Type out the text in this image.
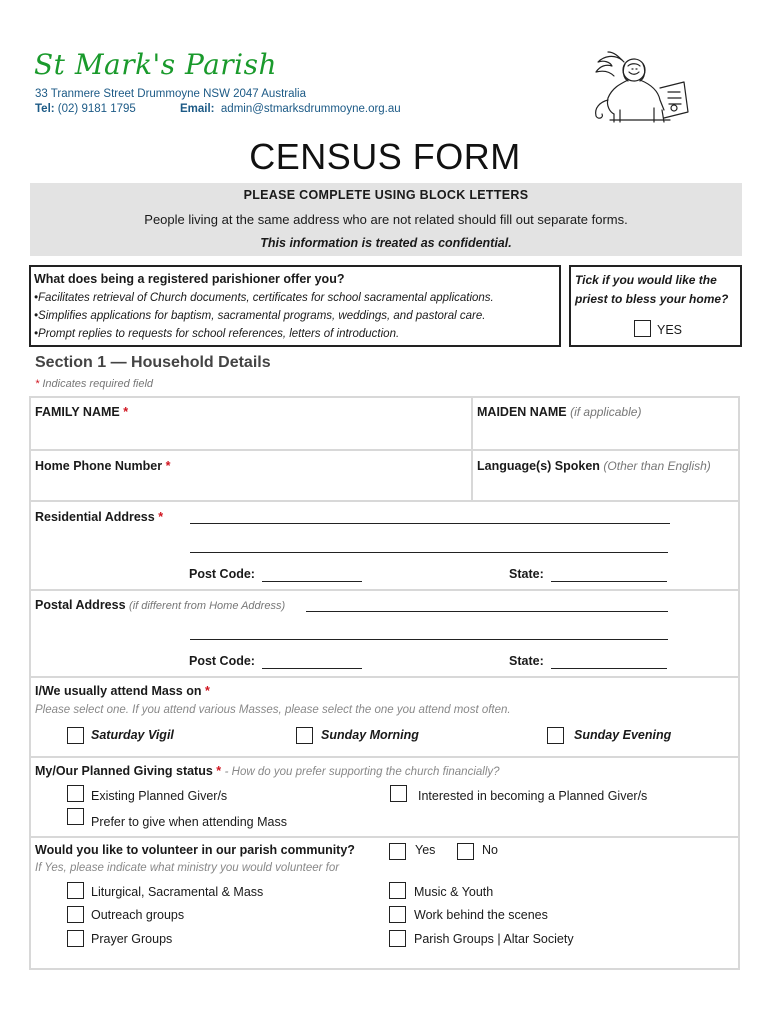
St Mark's Parish
33 Tranmere Street Drummoyne NSW 2047 Australia
Tel: (02) 9181 1795	Email: admin@stmarksdrummoyne.org.au
CENSUS FORM
PLEASE COMPLETE USING BLOCK LETTERS
People living at the same address who are not related should fill out separate forms.
This information is treated as confidential.
What does being a registered parishioner offer you?
•Facilitates retrieval of Church documents, certificates for school sacramental applications.
•Simplifies applications for baptism, sacramental programs, weddings, and pastoral care.
•Prompt replies to requests for school references, letters of introduction.
Tick if you would like the
priest to bless your home?
YES
Section 1 — Household Details
* Indicates required field
FAMILY NAME *	MAIDEN NAME (if applicable)
Home Phone Number *	Language(s) Spoken (Other than English)
Residential Address *
Post Code:	State:
Postal Address (if different from Home Address)
Post Code:	State:
I/We usually attend Mass on *
Please select one. If you attend various Masses, please select the one you attend most often.
Saturday Vigil	Sunday Morning	Sunday Evening
My/Our Planned Giving status * - How do you prefer supporting the church financially?
Existing Planned Giver/s	Interested in becoming a Planned Giver/s
Prefer to give when attending Mass
Would you like to volunteer in our parish community?	Yes	No
If Yes, please indicate what ministry you would volunteer for
Liturgical, Sacramental & Mass	Music & Youth
Outreach groups	Work behind the scenes
Prayer Groups	Parish Groups | Altar Society
